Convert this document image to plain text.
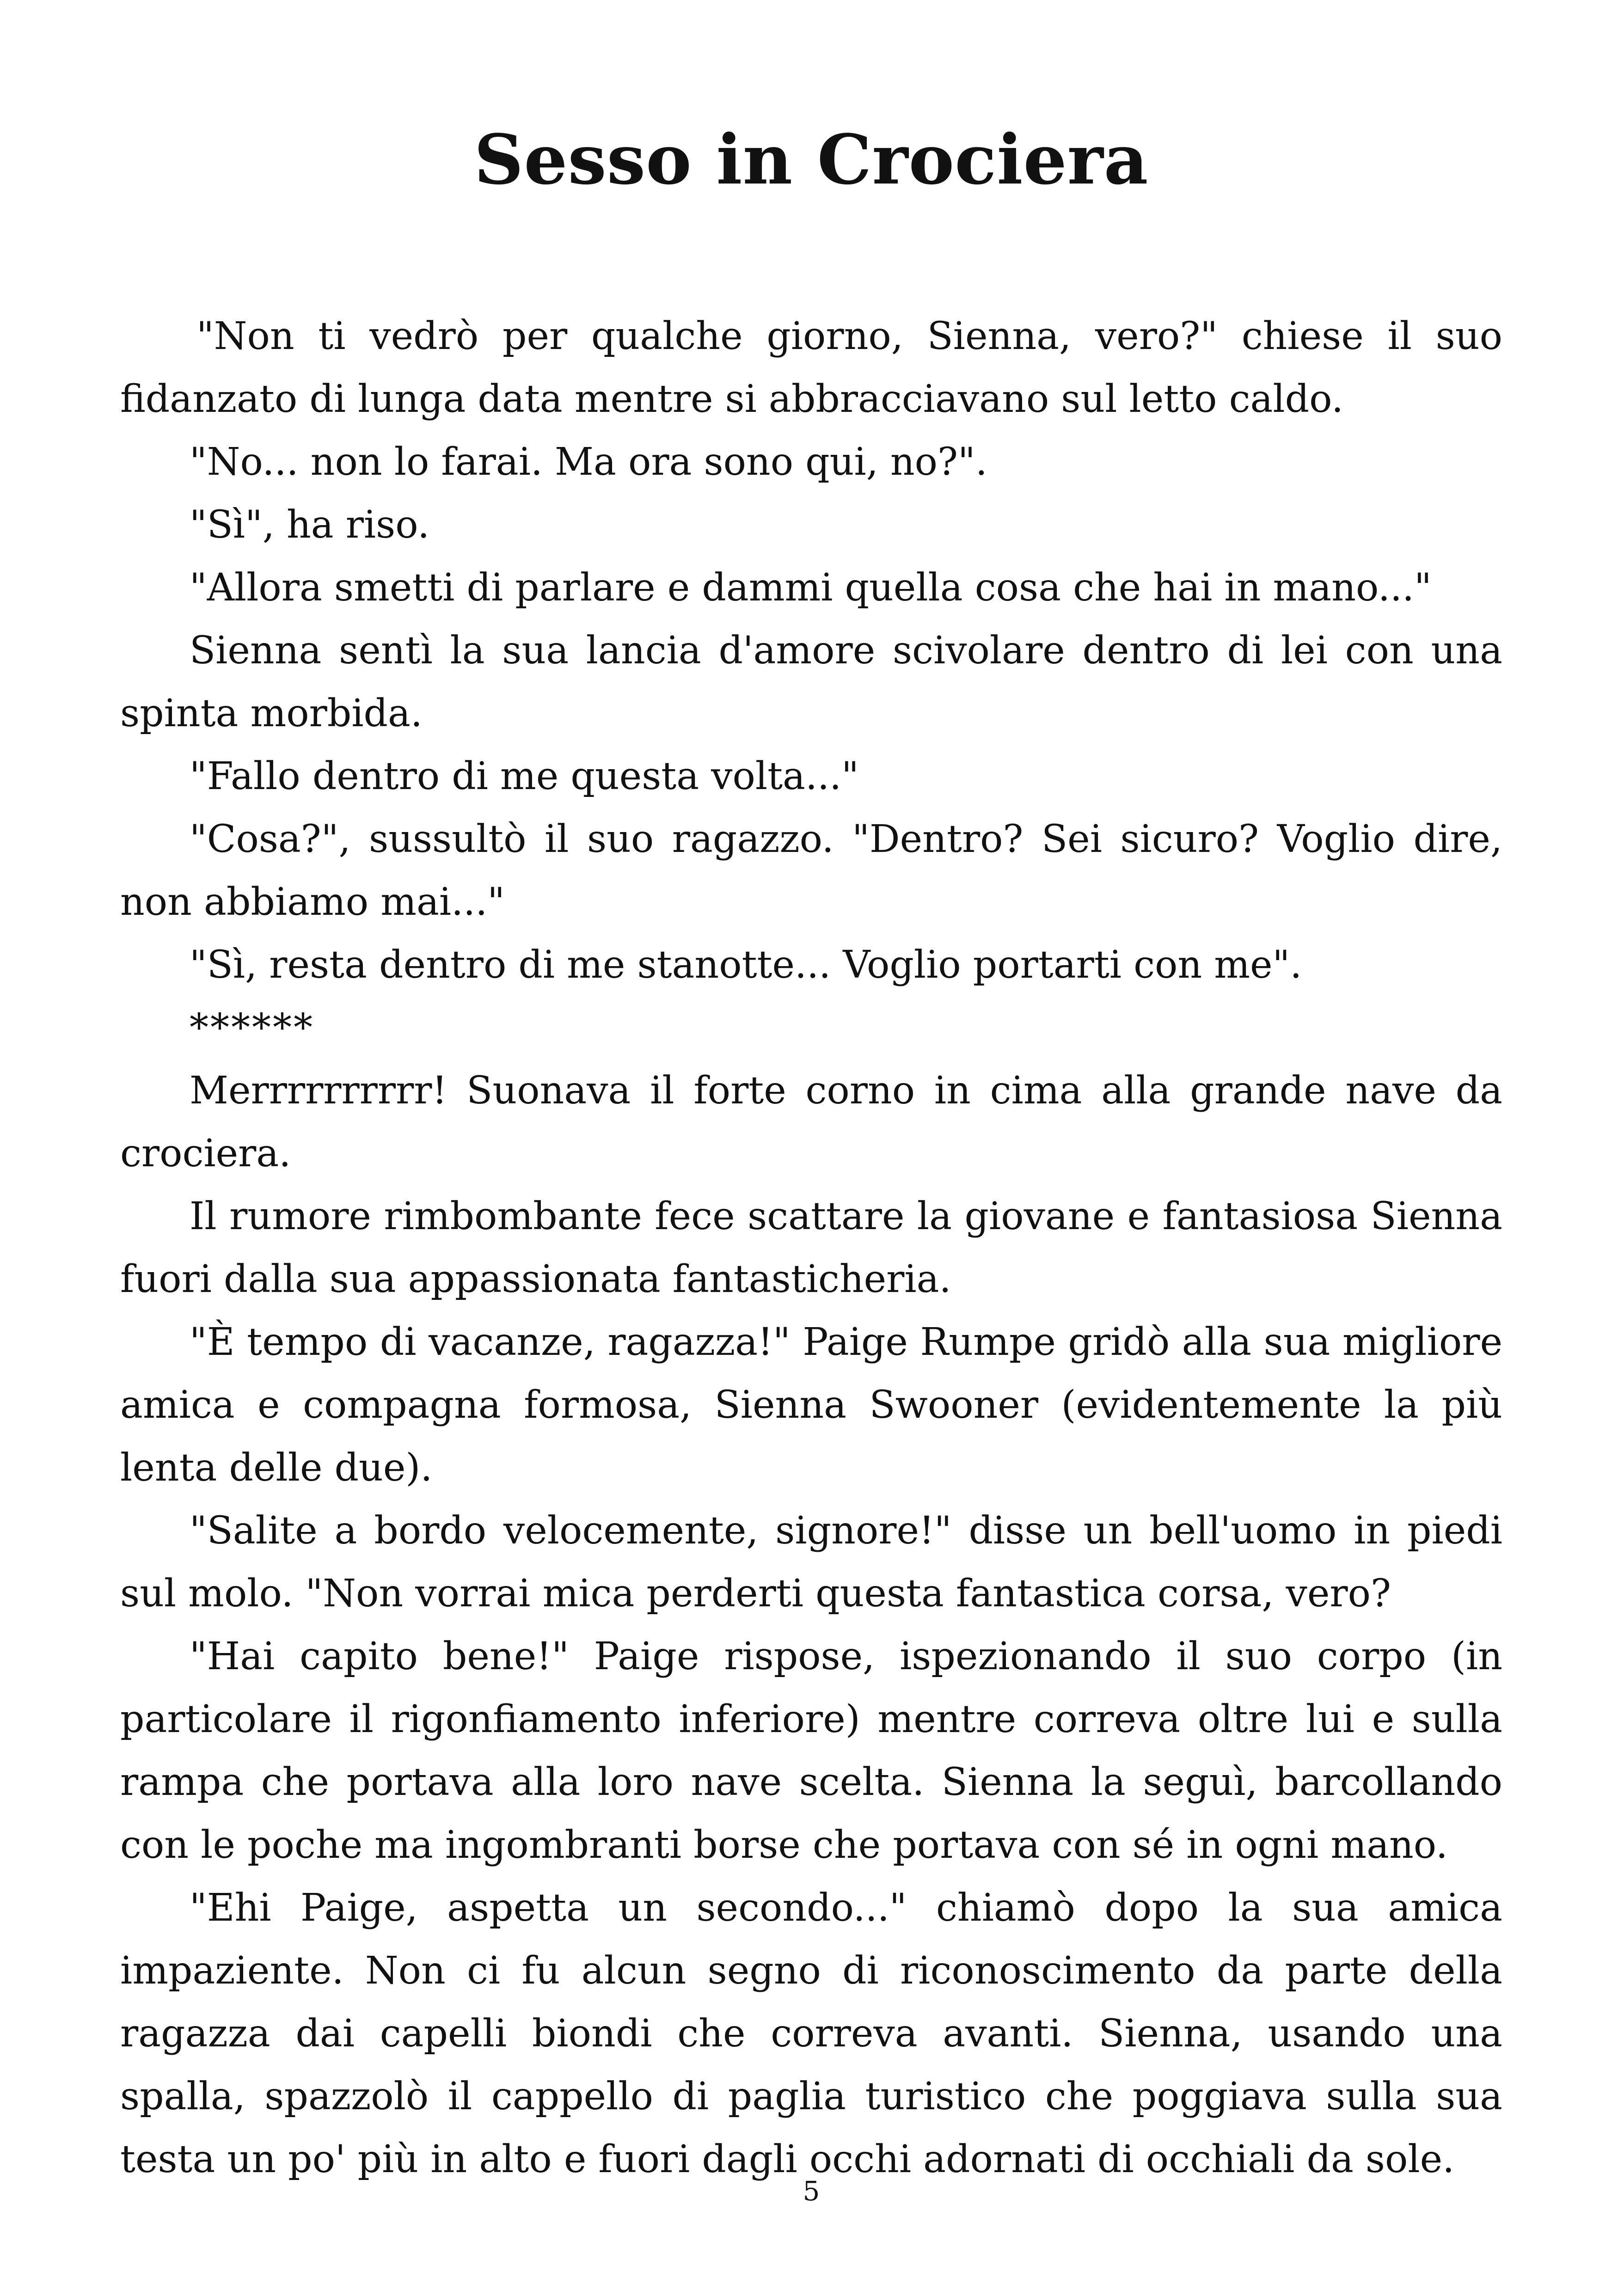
Sesso in Crociera

"Non ti vedrò per qualche giorno, Sienna, vero?" chiese il suo fidanzato di lunga data mentre si abbracciavano sul letto caldo.

"No... non lo farai. Ma ora sono qui, no?".

"Sì", ha riso.

"Allora smetti di parlare e dammi quella cosa che hai in mano..."

Sienna sentì la sua lancia d'amore scivolare dentro di lei con una spinta morbida.

"Fallo dentro di me questa volta..."

"Cosa?", sussultò il suo ragazzo. "Dentro? Sei sicuro? Voglio dire, non abbiamo mai..."

"Sì, resta dentro di me stanotte... Voglio portarti con me".

******

Merrrrrrrrrr! Suonava il forte corno in cima alla grande nave da crociera.

Il rumore rimbombante fece scattare la giovane e fantasiosa Sienna fuori dalla sua appassionata fantasticheria.

"È tempo di vacanze, ragazza!" Paige Rumpe gridò alla sua migliore amica e compagna formosa, Sienna Swooner (evidentemente la più lenta delle due).

"Salite a bordo velocemente, signore!" disse un bell'uomo in piedi sul molo. "Non vorrai mica perderti questa fantastica corsa, vero?

"Hai capito bene!" Paige rispose, ispezionando il suo corpo (in particolare il rigonfiamento inferiore) mentre correva oltre lui e sulla rampa che portava alla loro nave scelta. Sienna la seguì, barcollando con le poche ma ingombranti borse che portava con sé in ogni mano.

"Ehi Paige, aspetta un secondo..." chiamò dopo la sua amica impaziente. Non ci fu alcun segno di riconoscimento da parte della ragazza dai capelli biondi che correva avanti. Sienna, usando una spalla, spazzolò il cappello di paglia turistico che poggiava sulla sua testa un po' più in alto e fuori dagli occhi adornati di occhiali da sole.

5
